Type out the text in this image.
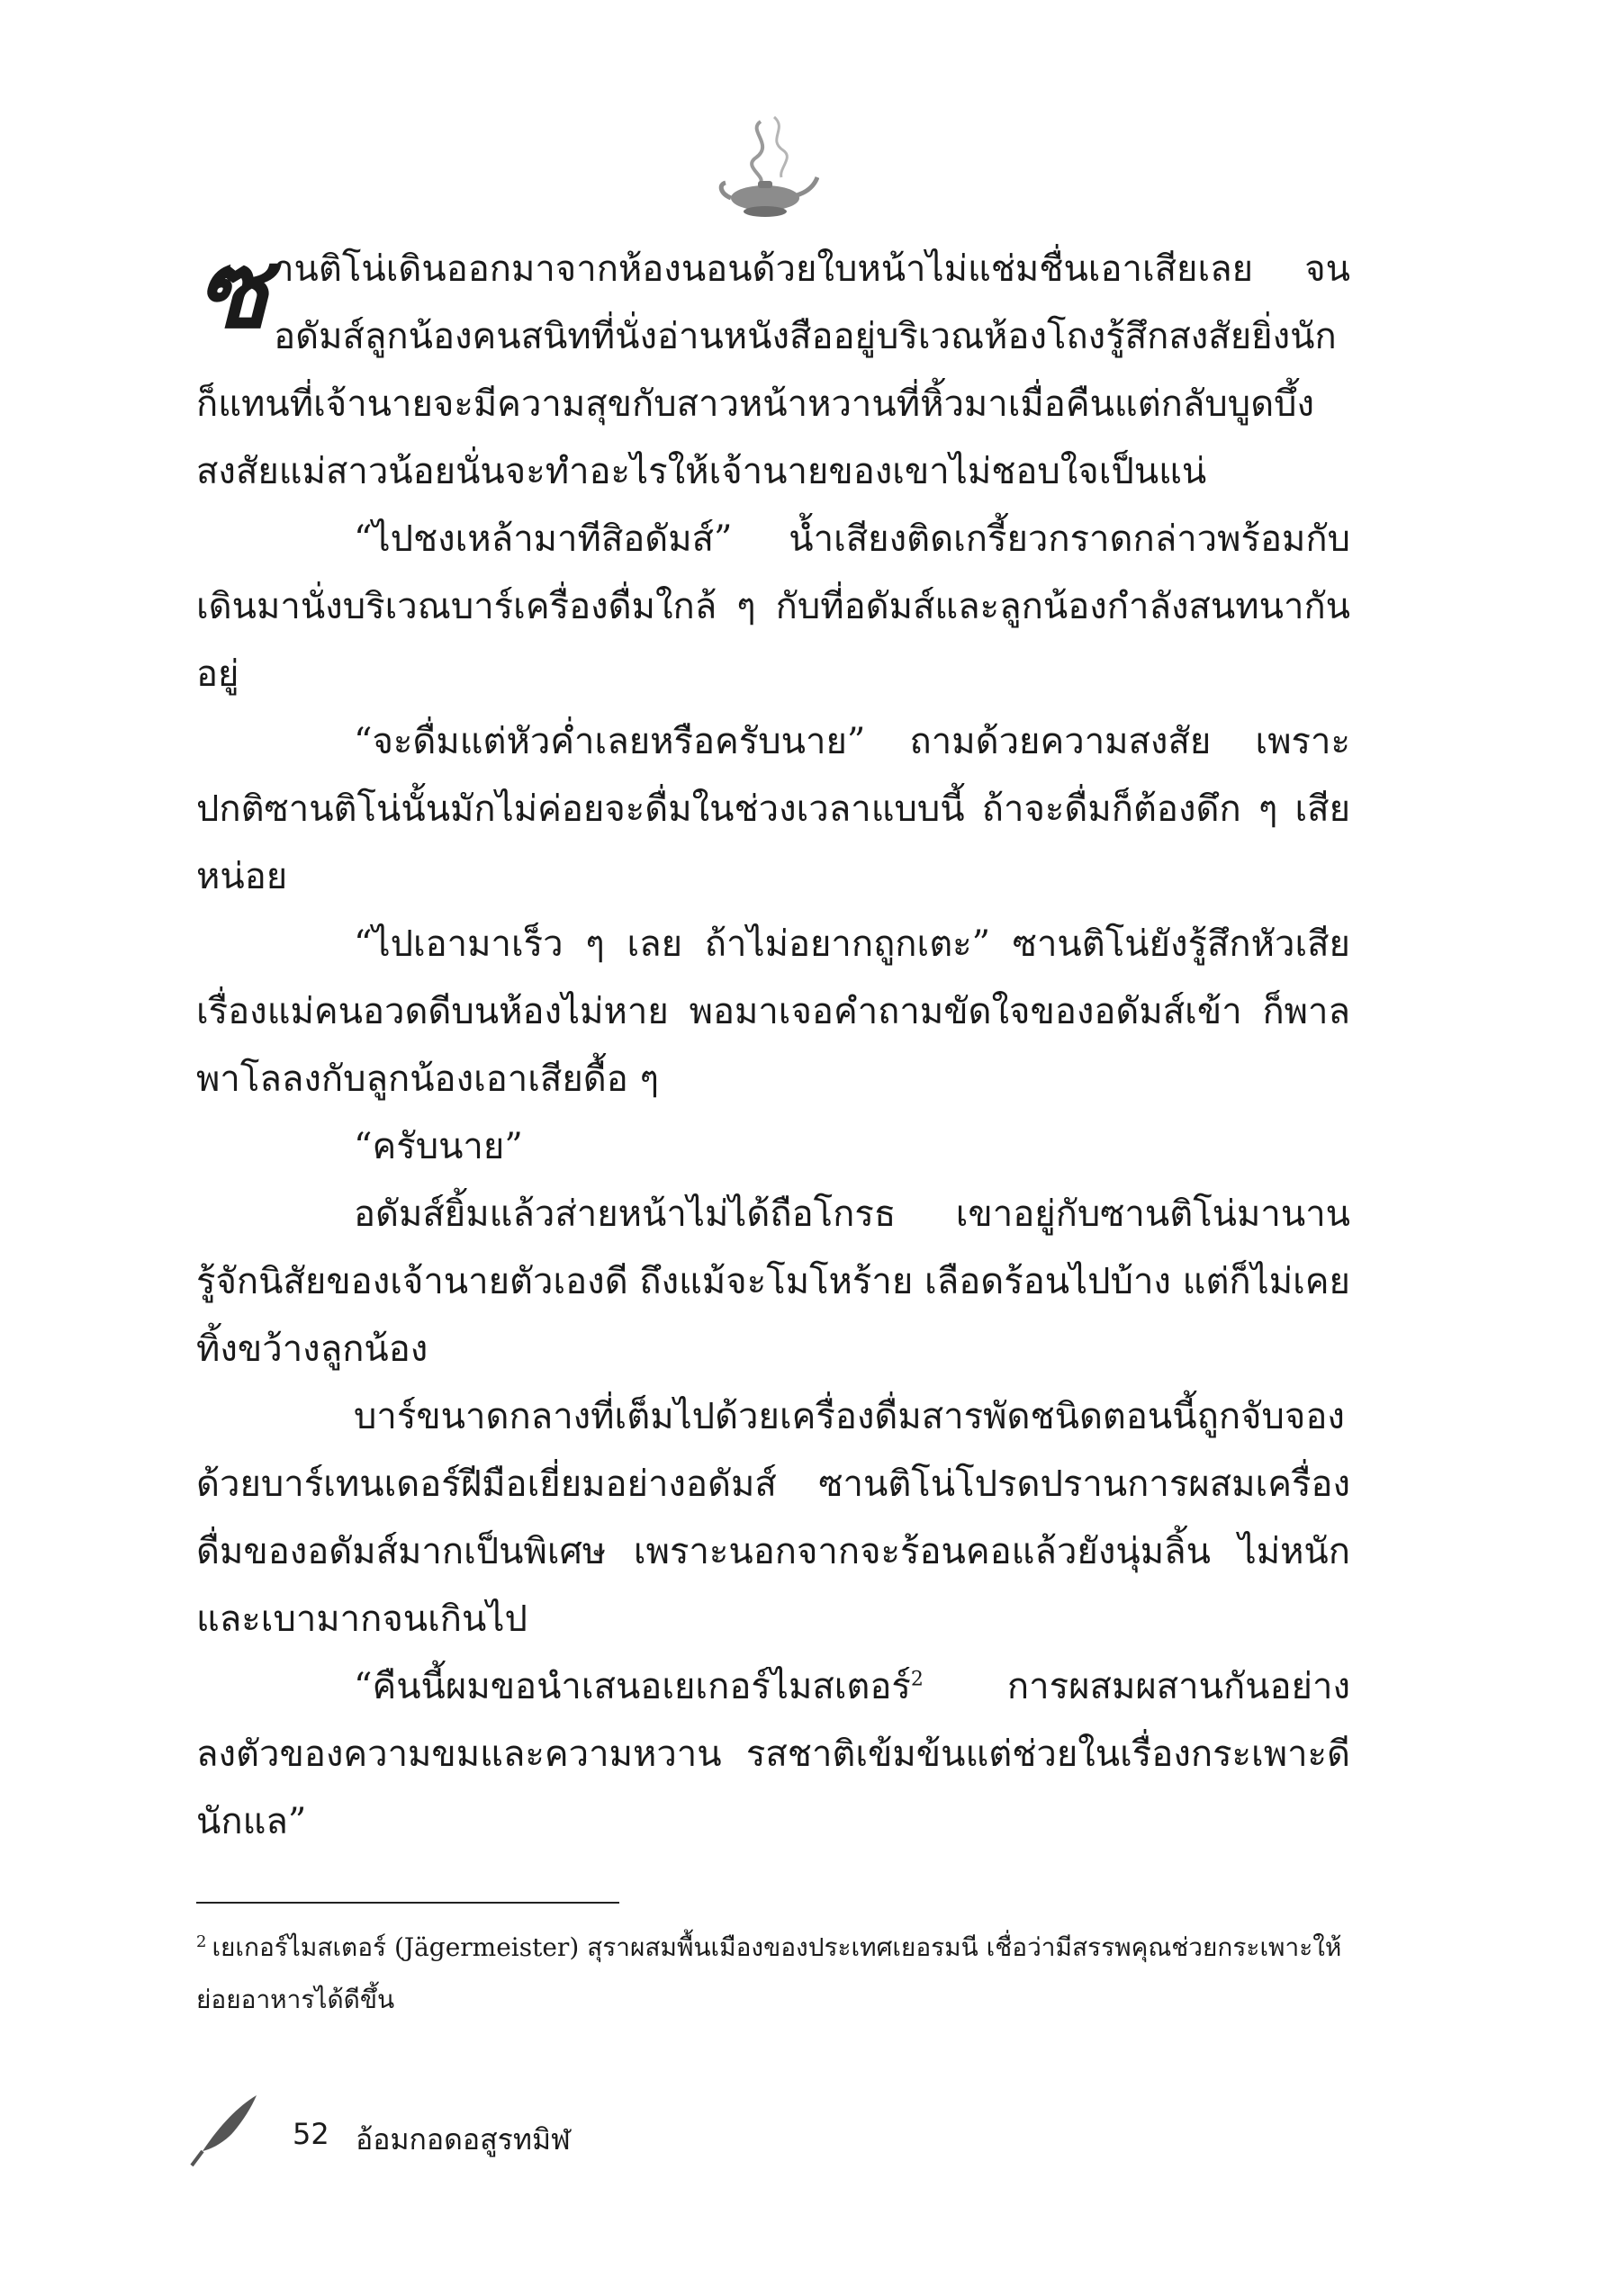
ซานติโน่เดินออกมาจากห้องนอนด้วยใบหน้าไม่แช่มชื่นเอาเสียเลย จนอดัมส์ลูกน้องคนสนิทที่นั่งอ่านหนังสืออยู่บริเวณห้องโถงรู้สึกสงสัยยิ่งนัก ก็แทนที่เจ้านายจะมีความสุขกับสาวหน้าหวานที่หิ้วมาเมื่อคืนแต่กลับบูดบึ้ง สงสัยแม่สาวน้อยนั่นจะทำอะไรให้เจ้านายของเขาไม่ชอบใจเป็นแน่

“ไปชงเหล้ามาทีสิอดัมส์” น้ำเสียงติดเกรี้ยวกราดกล่าวพร้อมกับเดินมานั่งบริเวณบาร์เครื่องดื่มใกล้ ๆ กับที่อดัมส์และลูกน้องกำลังสนทนากันอยู่

“จะดื่มแต่หัวค่ำเลยหรือครับนาย” ถามด้วยความสงสัย เพราะปกติซานติโน่นั้นมักไม่ค่อยจะดื่มในช่วงเวลาแบบนี้ ถ้าจะดื่มก็ต้องดึก ๆ เสียหน่อย

“ไปเอามาเร็ว ๆ เลย ถ้าไม่อยากถูกเตะ” ซานติโน่ยังรู้สึกหัวเสียเรื่องแม่คนอวดดีบนห้องไม่หาย พอมาเจอคำถามขัดใจของอดัมส์เข้า ก็พาลพาโลลงกับลูกน้องเอาเสียดื้อ ๆ

“ครับนาย”

อดัมส์ยิ้มแล้วส่ายหน้าไม่ได้ถือโกรธ เขาอยู่กับซานติโน่มานานรู้จักนิสัยของเจ้านายตัวเองดี ถึงแม้จะโมโหร้าย เลือดร้อนไปบ้าง แต่ก็ไม่เคยทิ้งขว้างลูกน้อง

บาร์ขนาดกลางที่เต็มไปด้วยเครื่องดื่มสารพัดชนิดตอนนี้ถูกจับจองด้วยบาร์เทนเดอร์ฝีมือเยี่ยมอย่างอดัมส์ ซานติโน่โปรดปรานการผสมเครื่องดื่มของอดัมส์มากเป็นพิเศษ เพราะนอกจากจะร้อนคอแล้วยังนุ่มลิ้น ไม่หนักและเบามากจนเกินไป

“คืนนี้ผมขอนำเสนอเยเกอร์ไมสเตอร์$^2$ การผสมผสานกันอย่างลงตัวของความขมและความหวาน รสชาติเข้มข้นแต่ช่วยในเรื่องกระเพาะดีนักแล”

$^2$ เยเกอร์ไมสเตอร์ (Jägermeister) สุราผสมพื้นเมืองของประเทศเยอรมนี เชื่อว่ามีสรรพคุณช่วยกระเพาะให้ย่อยอาหารได้ดีขึ้น
52 อ้อมกอดอสูรทมิฬ
